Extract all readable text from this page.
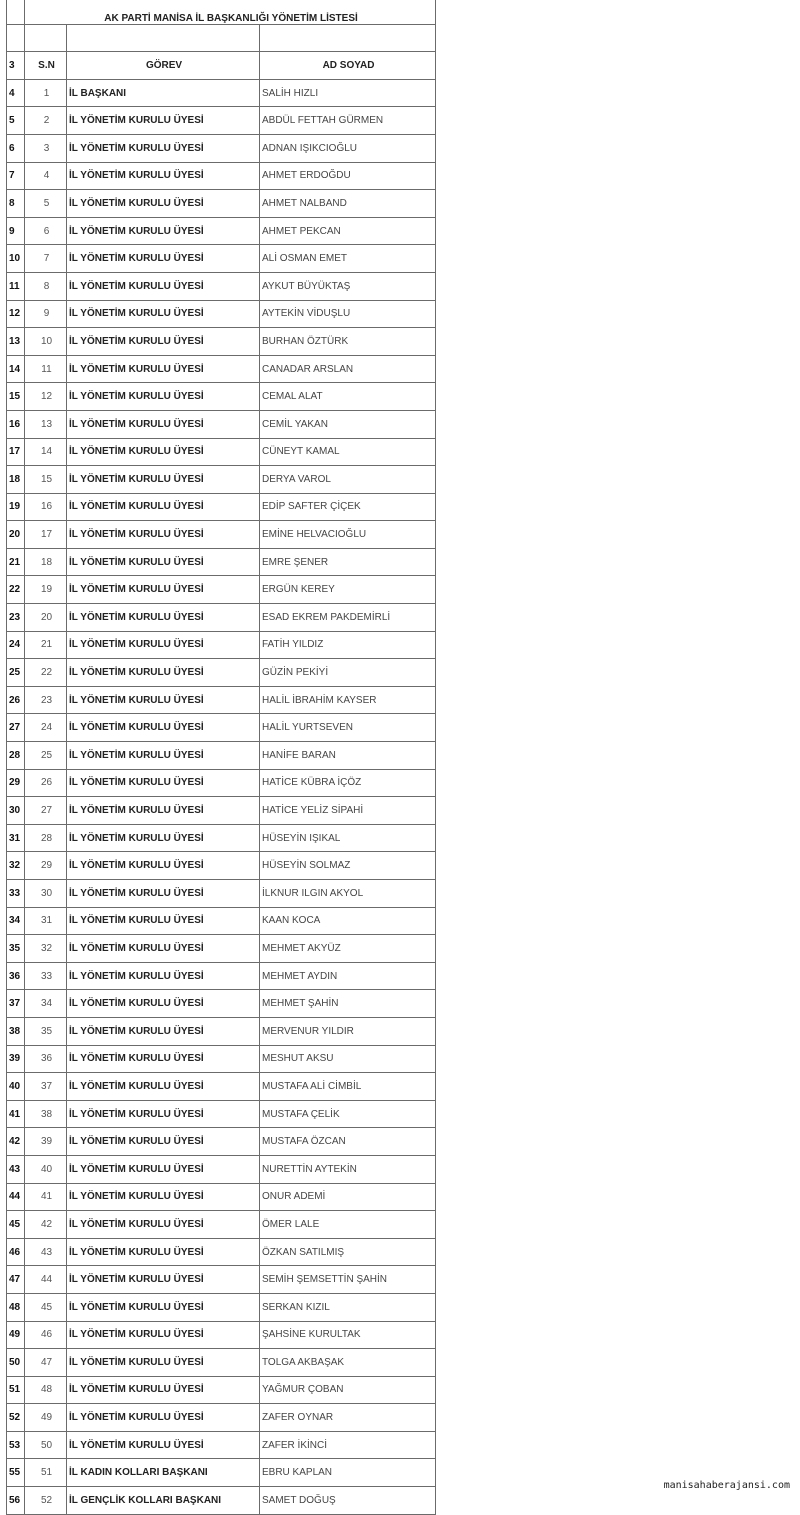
	AK PARTİ MANİSA İL BAŞKANLIĞI YÖNETİM LİSTESİ		

3	S.N	GÖREV	AD SOYAD
4	1	İL BAŞKANI	SALİH HIZLI
5	2	İL YÖNETİM KURULU ÜYESİ	ABDÜL FETTAH GÜRMEN
6	3	İL YÖNETİM KURULU ÜYESİ	ADNAN IŞIKCIOĞLU
7	4	İL YÖNETİM KURULU ÜYESİ	AHMET ERDOĞDU
8	5	İL YÖNETİM KURULU ÜYESİ	AHMET NALBAND
9	6	İL YÖNETİM KURULU ÜYESİ	AHMET PEKCAN
10	7	İL YÖNETİM KURULU ÜYESİ	ALİ OSMAN EMET
11	8	İL YÖNETİM KURULU ÜYESİ	AYKUT BÜYÜKTAŞ
12	9	İL YÖNETİM KURULU ÜYESİ	AYTEKİN VİDUŞLU
13	10	İL YÖNETİM KURULU ÜYESİ	BURHAN ÖZTÜRK
14	11	İL YÖNETİM KURULU ÜYESİ	CANADAR ARSLAN
15	12	İL YÖNETİM KURULU ÜYESİ	CEMAL ALAT
16	13	İL YÖNETİM KURULU ÜYESİ	CEMİL YAKAN
17	14	İL YÖNETİM KURULU ÜYESİ	CÜNEYT KAMAL
18	15	İL YÖNETİM KURULU ÜYESİ	DERYA VAROL
19	16	İL YÖNETİM KURULU ÜYESİ	EDİP SAFTER ÇİÇEK
20	17	İL YÖNETİM KURULU ÜYESİ	EMİNE HELVACIOĞLU
21	18	İL YÖNETİM KURULU ÜYESİ	EMRE ŞENER
22	19	İL YÖNETİM KURULU ÜYESİ	ERGÜN KEREY
23	20	İL YÖNETİM KURULU ÜYESİ	ESAD EKREM PAKDEMİRLİ
24	21	İL YÖNETİM KURULU ÜYESİ	FATİH YILDIZ
25	22	İL YÖNETİM KURULU ÜYESİ	GÜZİN PEKİYİ
26	23	İL YÖNETİM KURULU ÜYESİ	HALİL İBRAHİM KAYSER
27	24	İL YÖNETİM KURULU ÜYESİ	HALİL YURTSEVEN
28	25	İL YÖNETİM KURULU ÜYESİ	HANİFE BARAN
29	26	İL YÖNETİM KURULU ÜYESİ	HATİCE KÜBRA İÇÖZ
30	27	İL YÖNETİM KURULU ÜYESİ	HATİCE YELİZ SİPAHİ
31	28	İL YÖNETİM KURULU ÜYESİ	HÜSEYİN IŞIKAL
32	29	İL YÖNETİM KURULU ÜYESİ	HÜSEYİN SOLMAZ
33	30	İL YÖNETİM KURULU ÜYESİ	İLKNUR ILGIN AKYOL
34	31	İL YÖNETİM KURULU ÜYESİ	KAAN KOCA
35	32	İL YÖNETİM KURULU ÜYESİ	MEHMET AKYÜZ
36	33	İL YÖNETİM KURULU ÜYESİ	MEHMET AYDIN
37	34	İL YÖNETİM KURULU ÜYESİ	MEHMET ŞAHİN
38	35	İL YÖNETİM KURULU ÜYESİ	MERVENUR YILDIR
39	36	İL YÖNETİM KURULU ÜYESİ	MESHUT AKSU
40	37	İL YÖNETİM KURULU ÜYESİ	MUSTAFA ALİ CİMBİL
41	38	İL YÖNETİM KURULU ÜYESİ	MUSTAFA ÇELİK
42	39	İL YÖNETİM KURULU ÜYESİ	MUSTAFA ÖZCAN
43	40	İL YÖNETİM KURULU ÜYESİ	NURETTİN AYTEKİN
44	41	İL YÖNETİM KURULU ÜYESİ	ONUR ADEMİ
45	42	İL YÖNETİM KURULU ÜYESİ	ÖMER LALE
46	43	İL YÖNETİM KURULU ÜYESİ	ÖZKAN SATILMIŞ
47	44	İL YÖNETİM KURULU ÜYESİ	SEMİH ŞEMSETTİN ŞAHİN
48	45	İL YÖNETİM KURULU ÜYESİ	SERKAN KIZIL
49	46	İL YÖNETİM KURULU ÜYESİ	ŞAHSİNE KURULTAK
50	47	İL YÖNETİM KURULU ÜYESİ	TOLGA AKBAŞAK
51	48	İL YÖNETİM KURULU ÜYESİ	YAĞMUR ÇOBAN
52	49	İL YÖNETİM KURULU ÜYESİ	ZAFER OYNAR
53	50	İL YÖNETİM KURULU ÜYESİ	ZAFER İKİNCİ
55	51	İL KADIN KOLLARI BAŞKANI	EBRU KAPLAN
56	52	İL GENÇLİK KOLLARI BAŞKANI	SAMET DOĞUŞ
manisahaberajansi.com
